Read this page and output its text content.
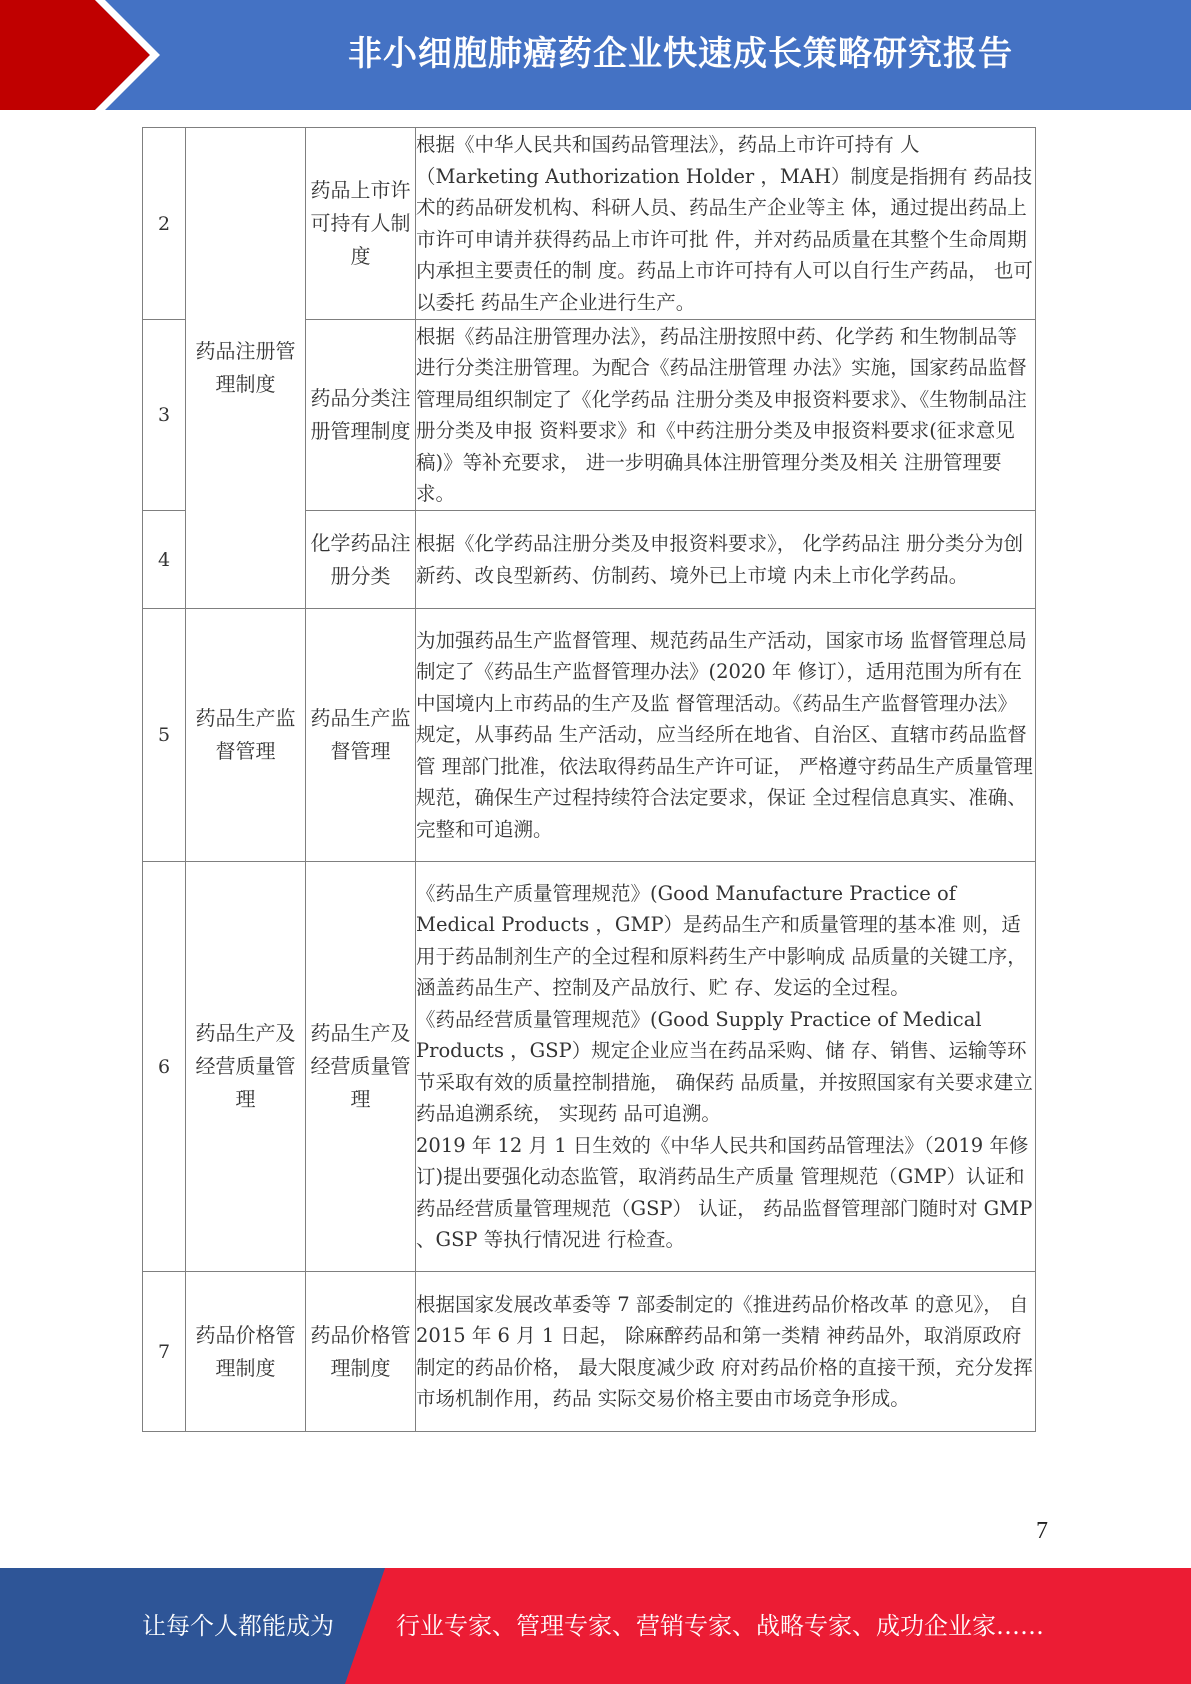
非小细胞肺癌药企业快速成长策略研究报告
2	药品注册管理制度	药品上市许可持有人制度	根据《中华人民共和国药品管理法》，药品上市许可持有 人（Marketing Authorization Holder ，MAH）制度是指拥有 药品技术的药品研发机构、科研人员、药品生产企业等主 体，通过提出药品上市许可申请并获得药品上市许可批 件，并对药品质量在其整个生命周期内承担主要责任的制 度。药品上市许可持有人可以自行生产药品， 也可以委托 药品生产企业进行生产。
3		药品分类注册管理制度	根据《药品注册管理办法》，药品注册按照中药、化学药 和生物制品等进行分类注册管理。为配合《药品注册管理 办法》实施，国家药品监督管理局组织制定了《化学药品 注册分类及申报资料要求》、《生物制品注册分类及申报 资料要求》和《中药注册分类及申报资料要求(征求意见 稿)》等补充要求， 进一步明确具体注册管理分类及相关 注册管理要求。
4		化学药品注册分类	根据《化学药品注册分类及申报资料要求》， 化学药品注 册分类分为创新药、改良型新药、仿制药、境外已上市境 内未上市化学药品。
5	药品生产监督管理	药品生产监督管理	为加强药品生产监督管理、规范药品生产活动，国家市场 监督管理总局制定了《药品生产监督管理办法》(2020 年 修订），适用范围为所有在中国境内上市药品的生产及监 督管理活动。《药品生产监督管理办法》规定，从事药品 生产活动，应当经所在地省、自治区、直辖市药品监督管 理部门批准，依法取得药品生产许可证， 严格遵守药品生产质量管理规范，确保生产过程持续符合法定要求，保证 全过程信息真实、准确、完整和可追溯。
6	药品生产及经营质量管理	药品生产及经营质量管理	《药品生产质量管理规范》(Good Manufacture Practice of Medical Products ，GMP）是药品生产和质量管理的基本准 则，适用于药品制剂生产的全过程和原料药生产中影响成 品质量的关键工序， 涵盖药品生产、控制及产品放行、贮 存、发运的全过程。
《药品经营质量管理规范》(Good Supply Practice of Medical Products ，GSP）规定企业应当在药品采购、储 存、销售、运输等环节采取有效的质量控制措施， 确保药 品质量，并按照国家有关要求建立药品追溯系统， 实现药 品可追溯。
2019 年 12 月 1 日生效的《中华人民共和国药品管理法》（2019 年修订)提出要强化动态监管，取消药品生产质量 管理规范（GMP）认证和药品经营质量管理规范（GSP） 认证， 药品监督管理部门随时对 GMP 、GSP 等执行情况进 行检查。

7	药品价格管理制度	药品价格管理制度	根据国家发展改革委等 7 部委制定的《推进药品价格改革 的意见》， 自 2015 年 6 月 1 日起， 除麻醉药品和第一类精 神药品外，取消原政府制定的药品价格， 最大限度减少政 府对药品价格的直接干预，充分发挥市场机制作用，药品 实际交易价格主要由市场竞争形成。
7
让每个人都能成为	行业专家、管理专家、营销专家、战略专家、成功企业家……
